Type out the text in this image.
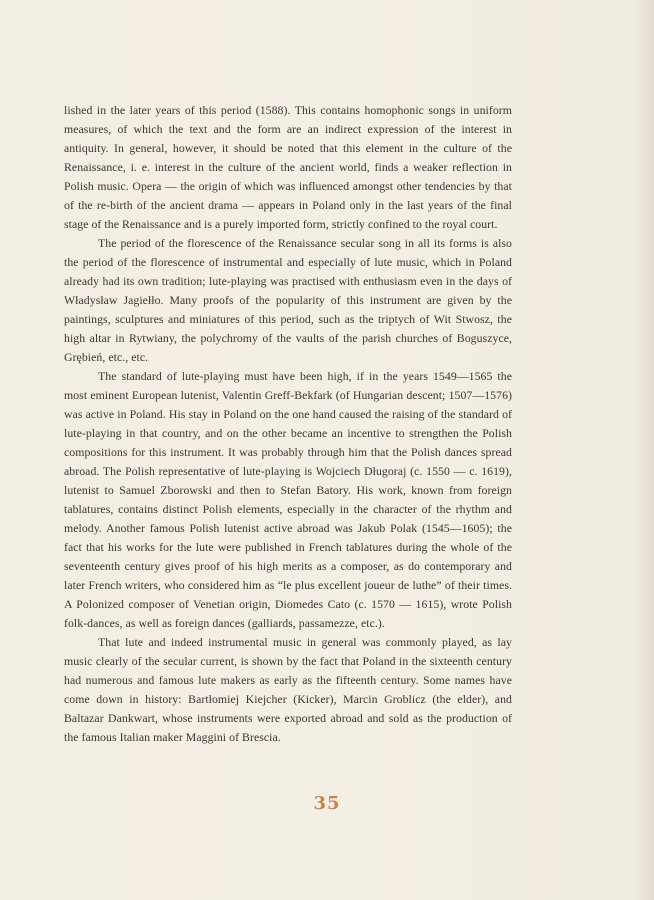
lished in the later years of this period (1588). This contains homophonic songs in uniform measures, of which the text and the form are an indirect expression of the interest in antiquity. In general, however, it should be noted that this element in the culture of the Renaissance, i. e. interest in the culture of the ancient world, finds a weaker reflection in Polish music. Opera — the origin of which was influenced amongst other tendencies by that of the re-birth of the ancient drama — appears in Poland only in the last years of the final stage of the Renaissance and is a purely imported form, strictly confined to the royal court.

The period of the florescence of the Renaissance secular song in all its forms is also the period of the florescence of instrumental and especially of lute music, which in Poland already had its own tradition; lute-playing was practised with enthusiasm even in the days of Władysław Jagiełło. Many proofs of the popularity of this instrument are given by the paintings, sculptures and miniatures of this period, such as the triptych of Wit Stwosz, the high altar in Rytwiany, the polychromy of the vaults of the parish churches of Boguszyce, Grębień, etc., etc.

The standard of lute-playing must have been high, if in the years 1549—1565 the most eminent European lutenist, Valentin Greff-Bekfark (of Hungarian descent; 1507—1576) was active in Poland. His stay in Poland on the one hand caused the raising of the standard of lute-playing in that country, and on the other became an incentive to strengthen the Polish compositions for this instrument. It was probably through him that the Polish dances spread abroad. The Polish representative of lute-playing is Wojciech Długoraj (c. 1550 — c. 1619), lutenist to Samuel Zborowski and then to Stefan Batory. His work, known from foreign tablatures, contains distinct Polish elements, especially in the character of the rhythm and melody. Another famous Polish lutenist active abroad was Jakub Polak (1545—1605); the fact that his works for the lute were published in French tablatures during the whole of the seventeenth century gives proof of his high merits as a composer, as do contemporary and later French writers, who considered him as “le plus excellent joueur de luthe” of their times. A Polonized composer of Venetian origin, Diomedes Cato (c. 1570 — 1615), wrote Polish folk-dances, as well as foreign dances (galliards, passamezze, etc.).

That lute and indeed instrumental music in general was commonly played, as lay music clearly of the secular current, is shown by the fact that Poland in the sixteenth century had numerous and famous lute makers as early as the fifteenth century. Some names have come down in history: Bartłomiej Kiejcher (Kicker), Marcin Groblicz (the elder), and Baltazar Dankwart, whose instruments were exported abroad and sold as the production of the famous Italian maker Maggini of Brescia.

35
